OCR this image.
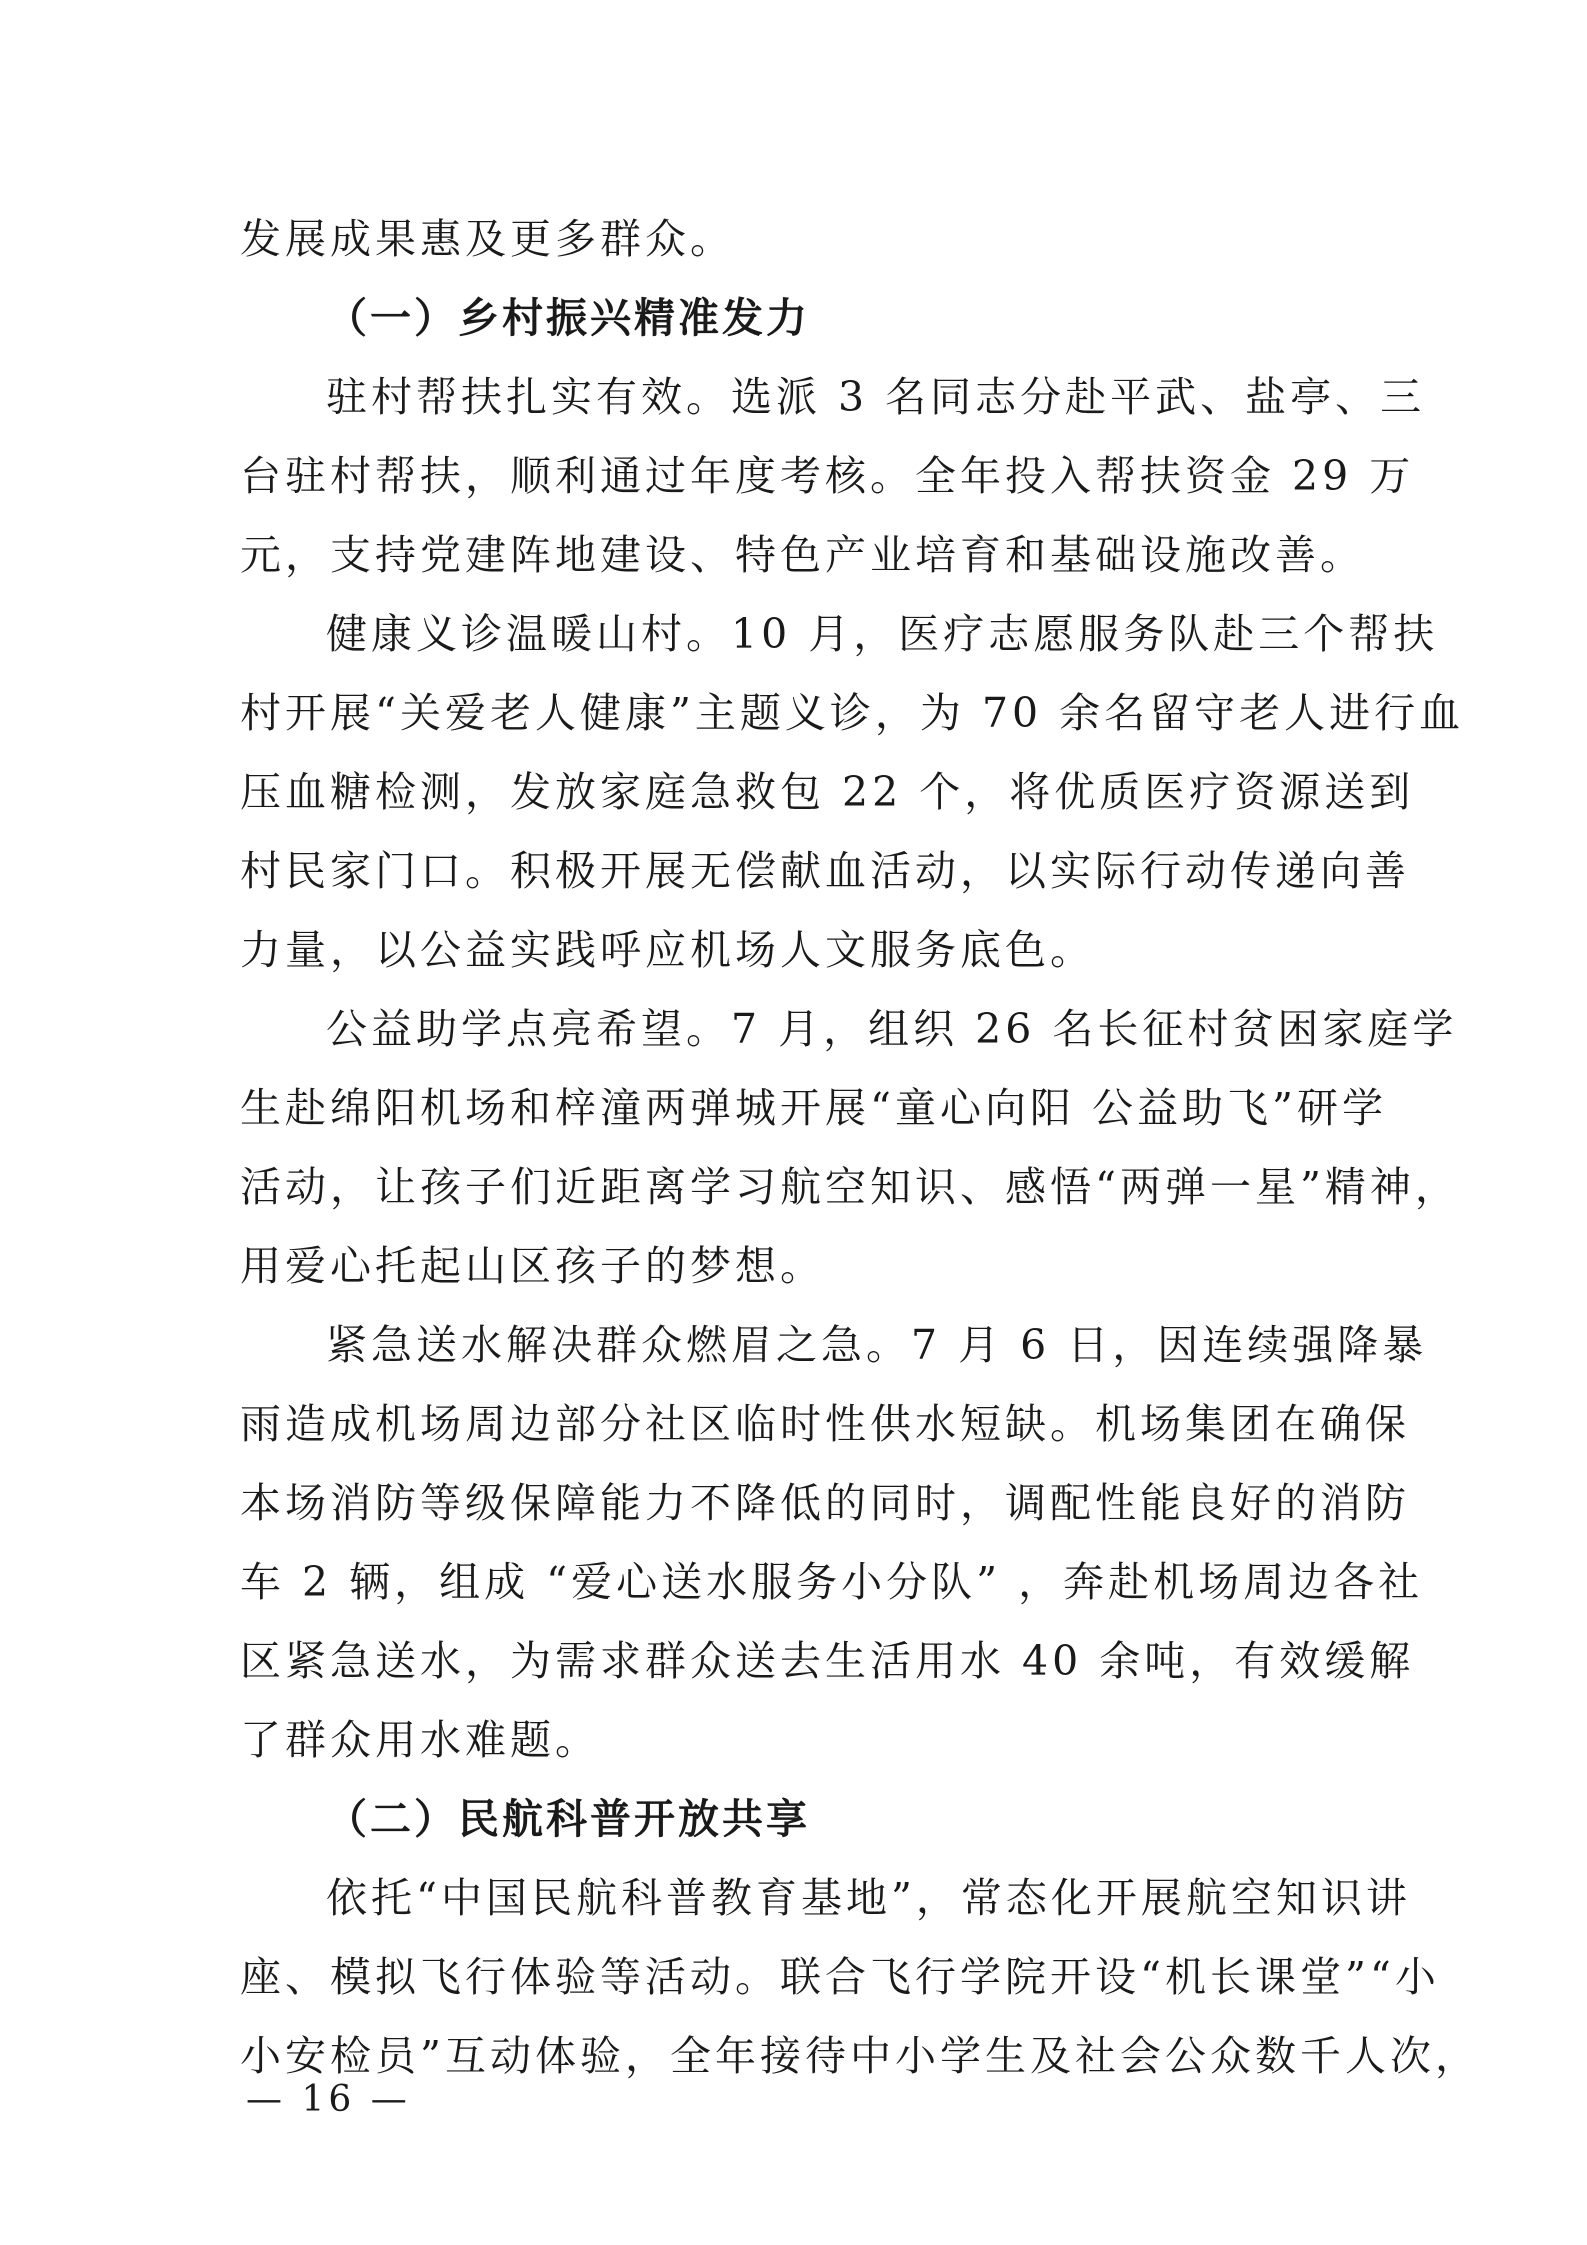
发展成果惠及更多群众。
（一）乡村振兴精准发力
驻村帮扶扎实有效。选派 3 名同志分赴平武、盐亭、三
台驻村帮扶，顺利通过年度考核。全年投入帮扶资金 29 万
元，支持党建阵地建设、特色产业培育和基础设施改善。
健康义诊温暖山村。10 月，医疗志愿服务队赴三个帮扶
村开展“关爱老人健康”主题义诊，为 70 余名留守老人进行血
压血糖检测，发放家庭急救包 22 个，将优质医疗资源送到
村民家门口。积极开展无偿献血活动，以实际行动传递向善
力量，以公益实践呼应机场人文服务底色。
公益助学点亮希望。7 月，组织 26 名长征村贫困家庭学
生赴绵阳机场和梓潼两弹城开展“童心向阳 公益助飞”研学
活动，让孩子们近距离学习航空知识、感悟“两弹一星”精神，
用爱心托起山区孩子的梦想。
紧急送水解决群众燃眉之急。7 月 6 日，因连续强降暴
雨造成机场周边部分社区临时性供水短缺。机场集团在确保
本场消防等级保障能力不降低的同时，调配性能良好的消防
车 2 辆，组成 “爱心送水服务小分队” ，奔赴机场周边各社
区紧急送水，为需求群众送去生活用水 40 余吨，有效缓解
了群众用水难题。
（二）民航科普开放共享
依托“中国民航科普教育基地”，常态化开展航空知识讲
座、模拟飞行体验等活动。联合飞行学院开设“机长课堂”“小
小安检员”互动体验，全年接待中小学生及社会公众数千人次，
— 16 —
